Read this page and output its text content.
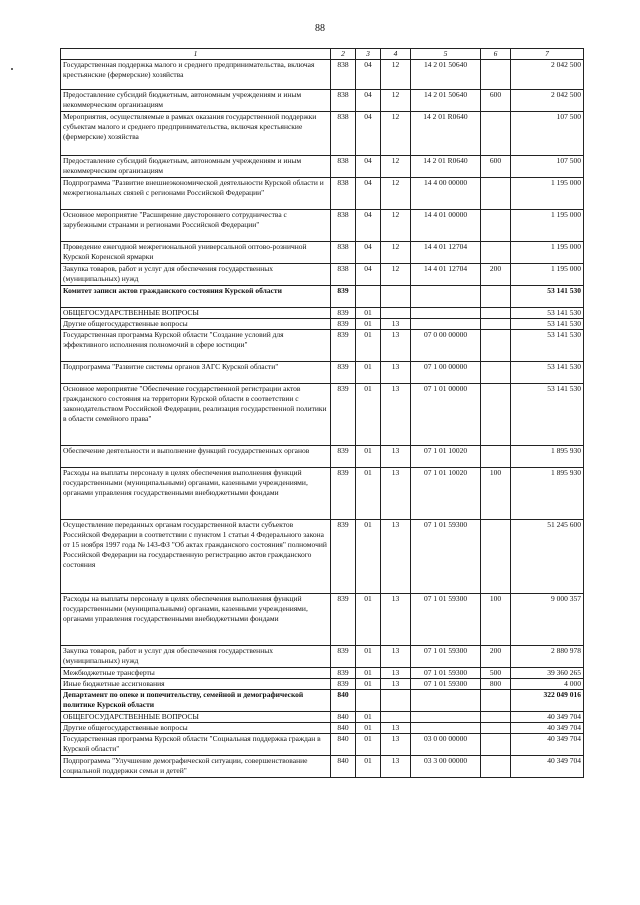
88
1	2	3	4	5	6	7
Государственная поддержка малого и среднего предпринимательства, включая крестьянские (фермерские) хозяйства	838	04	12	14 2 01 50640		2 042 500
Предоставление субсидий бюджетным, автономным учреждениям и иным некоммерческим организациям	838	04	12	14 2 01 50640	600	2 042 500
Мероприятия, осуществляемые в рамках оказания государственной поддержки субъектам малого и среднего предпринимательства, включая крестьянские (фермерские) хозяйства	838	04	12	14 2 01 R0640		107 500
Предоставление субсидий бюджетным, автономным учреждениям и иным некоммерческим организациям	838	04	12	14 2 01 R0640	600	107 500
Подпрограмма "Развитие внешнеэкономической деятельности Курской области и межрегиональных связей с регионами Российской Федерации"	838	04	12	14 4 00 00000		1 195 000
Основное мероприятие "Расширение двустороннего сотрудничества с зарубежными странами и регионами Российской Федерации"	838	04	12	14 4 01 00000		1 195 000
Проведение ежегодной межрегиональной универсальной оптово-розничной Курской Коренской ярмарки	838	04	12	14 4 01 12704		1 195 000
Закупка товаров, работ и услуг для обеспечения государственных (муниципальных) нужд	838	04	12	14 4 01 12704	200	1 195 000
Комитет записи актов гражданского состояния Курской области	839					53 141 530
ОБЩЕГОСУДАРСТВЕННЫЕ ВОПРОСЫ	839	01				53 141 530
Другие общегосударственные вопросы	839	01	13			53 141 530
Государственная программа Курской области "Создание условий для эффективного исполнения полномочий в сфере юстиции"	839	01	13	07 0 00 00000		53 141 530
Подпрограмма "Развитие системы органов ЗАГС Курской области"	839	01	13	07 1 00 00000		53 141 530
Основное мероприятие "Обеспечение государственной регистрации актов гражданского состояния на территории Курской области в соответствии с законодательством Российской Федерации, реализация государственной политики в области семейного права"	839	01	13	07 1 01 00000		53 141 530
Обеспечение деятельности и выполнение функций государственных органов	839	01	13	07 1 01 10020		1 895 930
Расходы на выплаты персоналу в целях обеспечения выполнения функций государственными (муниципальными) органами, казенными учреждениями, органами управления государственными внебюджетными фондами	839	01	13	07 1 01 10020	100	1 895 930
Осуществление переданных органам государственной власти субъектов Российской Федерации в соответствии с пунктом 1 статьи 4 Федерального закона от 15 ноября 1997 года № 143-ФЗ "Об актах гражданского состояния" полномочий Российской Федерации на государственную регистрацию актов гражданского состояния	839	01	13	07 1 01 59300		51 245 600
Расходы на выплаты персоналу в целях обеспечения выполнения функций государственными (муниципальными) органами, казенными учреждениями, органами управления государственными внебюджетными фондами	839	01	13	07 1 01 59300	100	9 000 357
Закупка товаров, работ и услуг для обеспечения государственных (муниципальных) нужд	839	01	13	07 1 01 59300	200	2 880 978
Межбюджетные трансферты	839	01	13	07 1 01 59300	500	39 360 265
Иные бюджетные ассигнования	839	01	13	07 1 01 59300	800	4 000
Департамент по опеке и попечительству, семейной и демографической политике Курской области	840					322 049 016
ОБЩЕГОСУДАРСТВЕННЫЕ ВОПРОСЫ	840	01				40 349 704
Другие общегосударственные вопросы	840	01	13			40 349 704
Государственная программа Курской области "Социальная поддержка граждан в Курской области"	840	01	13	03 0 00 00000		40 349 704
Подпрограмма "Улучшение демографической ситуации, совершенствование социальной поддержки семьи и детей"	840	01	13	03 3 00 00000		40 349 704
